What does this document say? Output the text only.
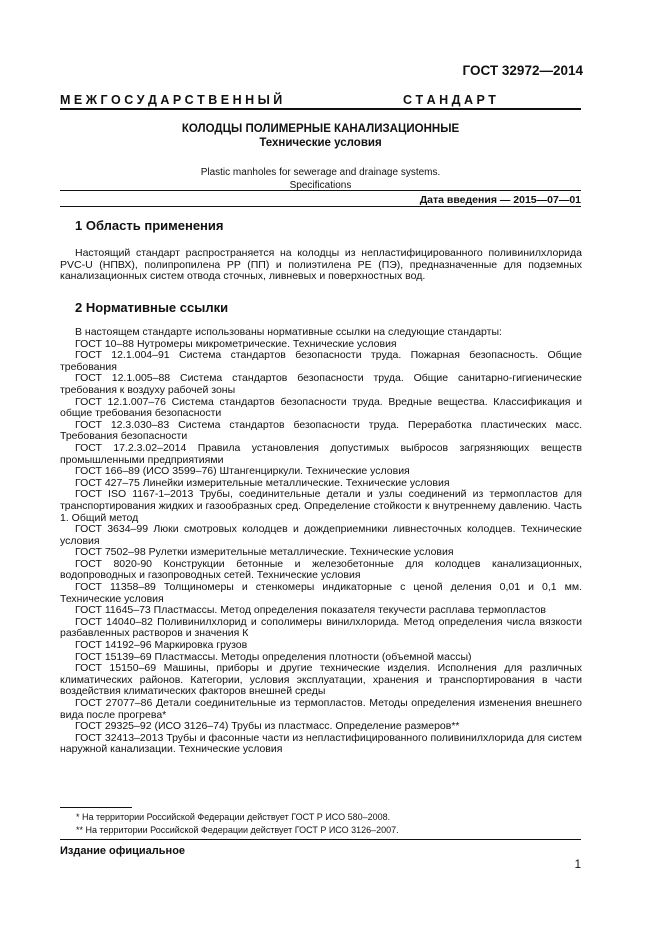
ГОСТ 32972—2014
М Е Ж Г О С У Д А Р С Т В Е Н Н Ы Й	С Т А Н Д А Р Т
КОЛОДЦЫ ПОЛИМЕРНЫЕ КАНАЛИЗАЦИОННЫЕ
Технические условия
Plastic manholes for sewerage and drainage systems.
Specifications
Дата введения — 2015—07—01
1 Область применения

Настоящий стандарт распространяется на колодцы из непластифицированного поливинилхлорида PVC-U (НПВХ), полипропилена PP (ПП) и полиэтилена PE (ПЭ), предназначенные для подземных канализационных систем отвода сточных, ливневых и поверхностных вод.

2 Нормативные ссылки

В настоящем стандарте использованы нормативные ссылки на следующие стандарты:

ГОСТ 10–88 Нутромеры микрометрические. Технические условия

ГОСТ 12.1.004–91 Система стандартов безопасности труда. Пожарная безопасность. Общие требования

ГОСТ 12.1.005–88 Система стандартов безопасности труда. Общие санитарно-гигиенические требования к воздуху рабочей зоны

ГОСТ 12.1.007–76 Система стандартов безопасности труда. Вредные вещества. Классификация и общие требования безопасности

ГОСТ 12.3.030–83 Система стандартов безопасности труда. Переработка пластических масс. Требования безопасности

ГОСТ 17.2.3.02–2014 Правила установления допустимых выбросов загрязняющих веществ промышленными предприятиями

ГОСТ 166–89 (ИСО 3599–76) Штангенциркули. Технические условия

ГОСТ 427–75 Линейки измерительные металлические. Технические условия

ГОСТ ISO 1167-1–2013 Трубы, соединительные детали и узлы соединений из термопластов для транспортирования жидких и газообразных сред. Определение стойкости к внутреннему давлению. Часть 1. Общий метод

ГОСТ 3634–99 Люки смотровых колодцев и дождеприемники ливнесточных колодцев. Технические условия

ГОСТ 7502–98 Рулетки измерительные металлические. Технические условия

ГОСТ 8020-90 Конструкции бетонные и железобетонные для колодцев канализационных, водопроводных и газопроводных сетей. Технические условия

ГОСТ 11358–89 Толщиномеры и стенкомеры индикаторные с ценой деления 0,01 и 0,1 мм. Технические условия

ГОСТ 11645–73 Пластмассы. Метод определения показателя текучести расплава термопластов

ГОСТ 14040–82 Поливинилхлорид и сополимеры винилхлорида. Метод определения числа вязкости разбавленных растворов и значения К

ГОСТ 14192–96 Маркировка грузов

ГОСТ 15139–69 Пластмассы. Методы определения плотности (объемной массы)

ГОСТ 15150–69 Машины, приборы и другие технические изделия. Исполнения для различных климатических районов. Категории, условия эксплуатации, хранения и транспортирования в части воздействия климатических факторов внешней среды

ГОСТ 27077–86 Детали соединительные из термопластов. Методы определения изменения внешнего вида после прогрева*

ГОСТ 29325–92 (ИСО 3126–74) Трубы из пластмасс. Определение размеров**

ГОСТ 32413–2013 Трубы и фасонные части из непластифицированного поливинилхлорида для систем наружной канализации. Технические условия

* На территории Российской Федерации действует ГОСТ Р ИСО 580–2008.
** На территории Российской Федерации действует ГОСТ Р ИСО 3126–2007.
Издание официальное
1
